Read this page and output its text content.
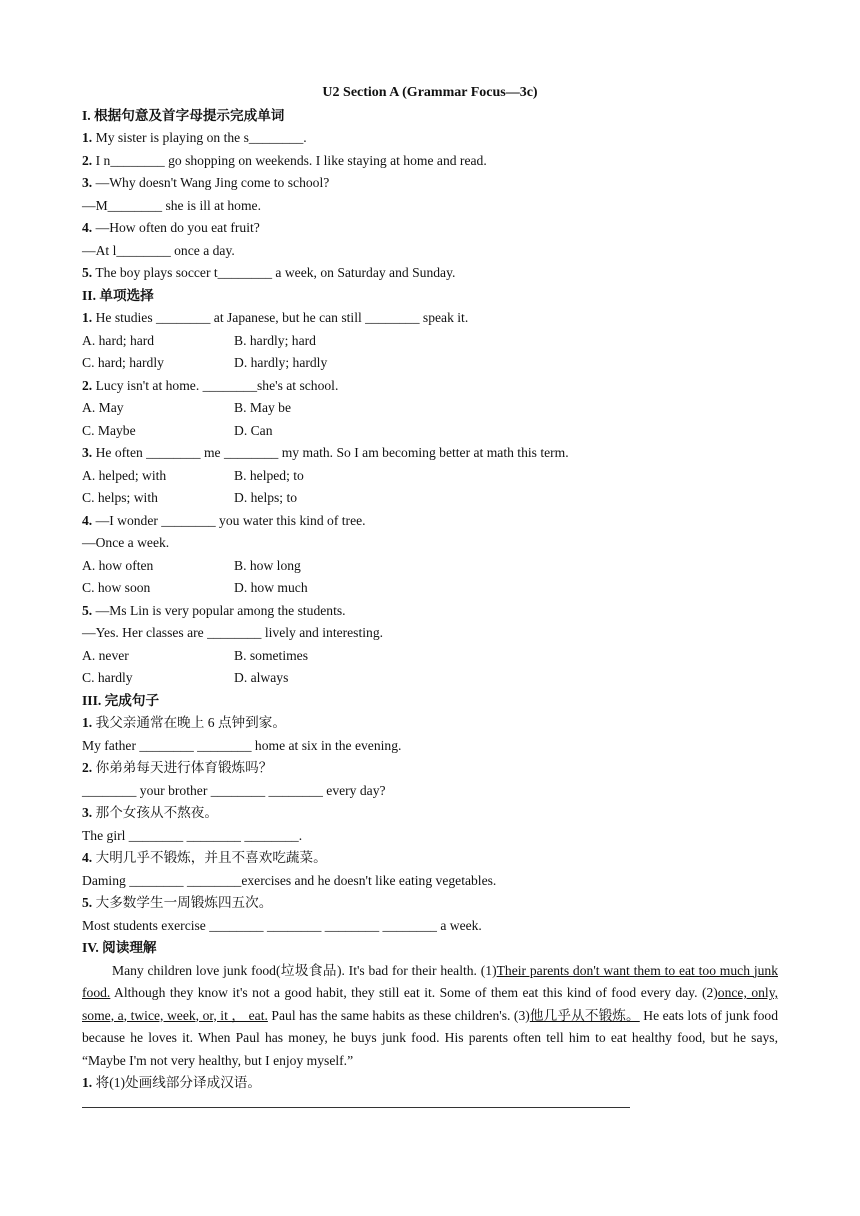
U2 Section A (Grammar Focus—3c)
I. 根据句意及首字母提示完成单词
1. My sister is playing on the s________.
2. I n________ go shopping on weekends. I like staying at home and read.
3. —Why doesn't Wang Jing come to school?
—M________ she is ill at home.
4. —How often do you eat fruit?
—At l________ once a day.
5. The boy plays soccer t________ a week, on Saturday and Sunday.
II. 单项选择
1. He studies ________ at Japanese, but he can still ________ speak it.
A. hard; hard	B. hardly; hard
C. hard; hardly	D. hardly; hardly
2. Lucy isn't at home. ________she's at school.
A. May	B. May be
C. Maybe	D. Can
3. He often ________ me ________ my math. So I am becoming better at math this term.
A. helped; with	B. helped; to
C. helps; with	D. helps; to
4. —I wonder ________ you water this kind of tree.
—Once a week.
A. how often	B. how long
C. how soon	D. how much
5. —Ms Lin is very popular among the students.
—Yes. Her classes are ________ lively and interesting.
A. never	B. sometimes
C. hardly	D. always
III. 完成句子
1. 我父亲通常在晚上 6 点钟到家。
My father ________ ________ home at six in the evening.
2. 你弟弟每天进行体育锻炼吗？
________ your brother ________ ________ every day?
3. 那个女孩从不熬夜。
The girl ________ ________ ________.
4. 大明几乎不锻炼，并且不喜欢吃蔬菜。
Daming ________ ________exercises and he doesn't like eating vegetables.
5. 大多数学生一周锻炼四五次。
Most students exercise ________ ________ ________ ________ a week.
IV. 阅读理解
Many children love junk food(垃圾食品). It's bad for their health. (1)Their parents don't want them to eat too much junk food. Although they know it's not a good habit, they still eat it. Some of them eat this kind of food every day. (2)once, only, some, a, twice, week, or, it ， eat. Paul has the same habits as these children's. (3)他几乎从不锻炼。 He eats lots of junk food because he loves it. When Paul has money, he buys junk food. His parents often tell him to eat healthy food, but he says, “Maybe I'm not very healthy, but I enjoy myself.”
1. 将(1)处画线部分译成汉语。
